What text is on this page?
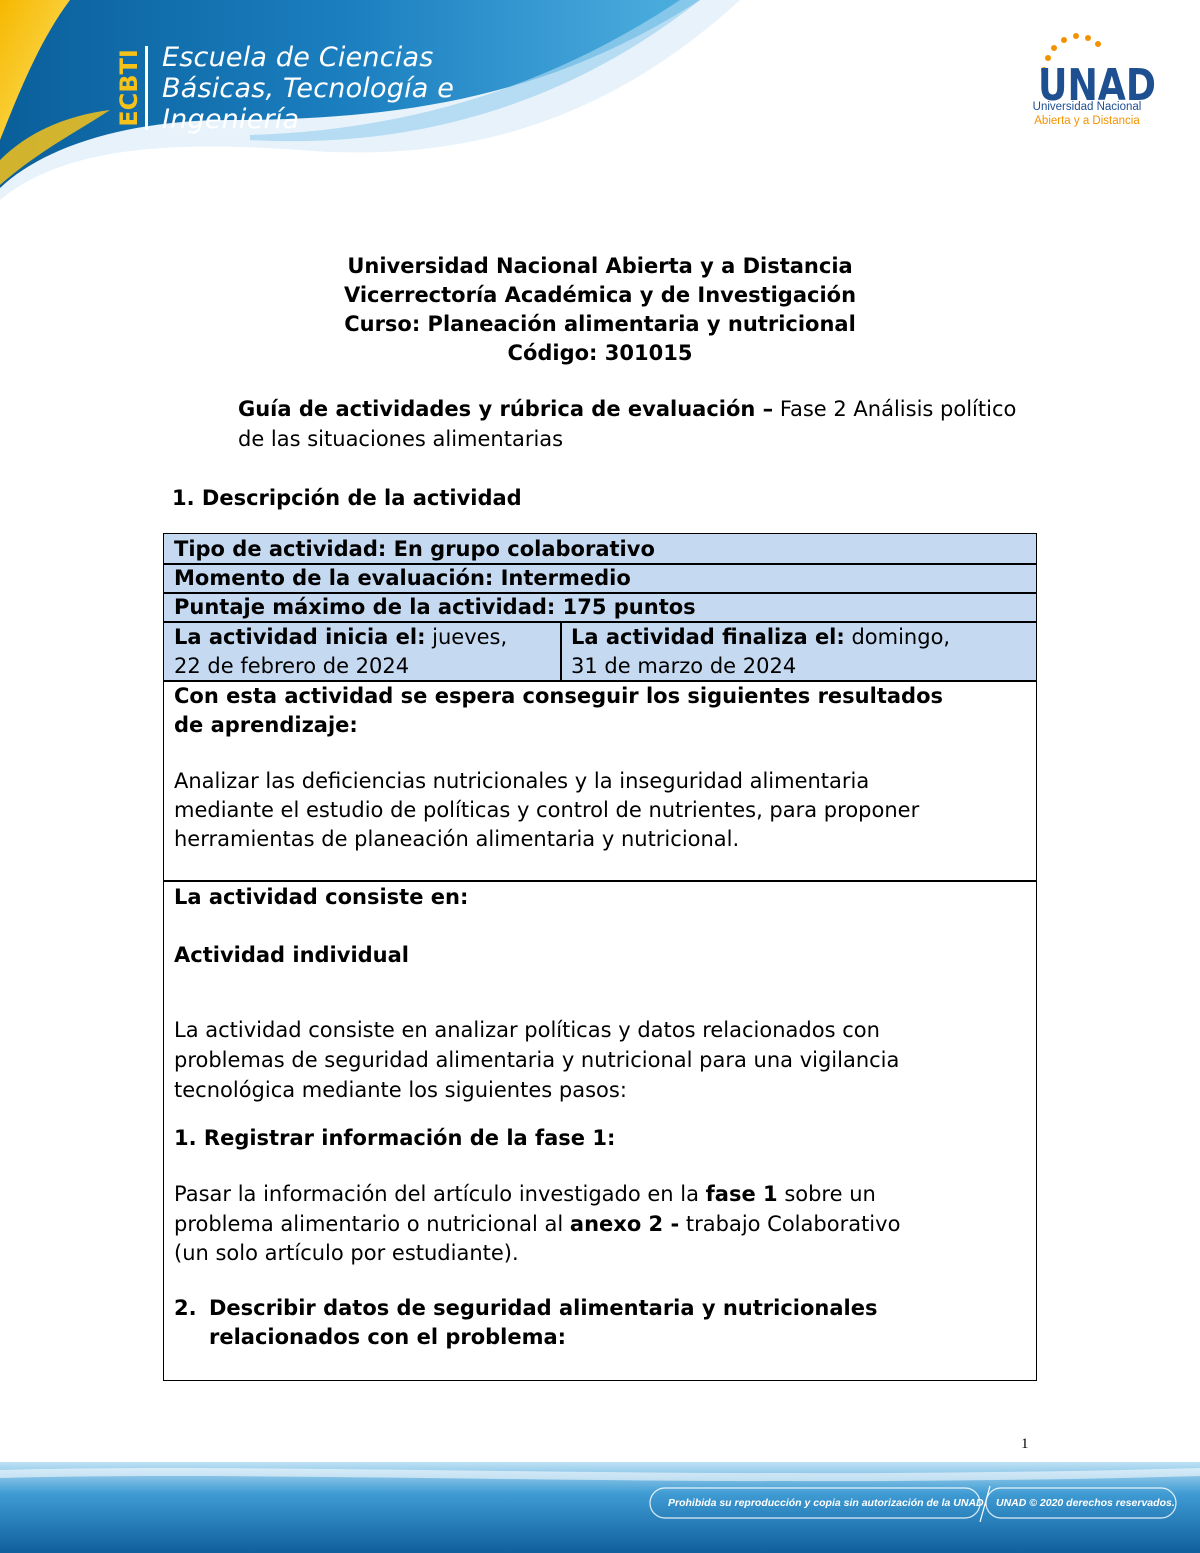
ECBTI Escuela de Ciencias
Básicas, Tecnología e
Ingeniería
UNAD
Universidad Nacional
Abierta y a Distancia
Universidad Nacional Abierta y a Distancia
Vicerrectoría Académica y de Investigación
Curso: Planeación alimentaria y nutricional
Código: 301015
Guía de actividades y rúbrica de evaluación – Fase 2 Análisis político de las situaciones alimentarias
1. Descripción de la actividad
Tipo de actividad: En grupo colaborativo
Momento de la evaluación: Intermedio
Puntaje máximo de la actividad: 175 puntos
La actividad inicia el: jueves,
22 de febrero de 2024
La actividad finaliza el: domingo,
31 de marzo de 2024
Con esta actividad se espera conseguir los siguientes resultados
de aprendizaje:
Analizar las deficiencias nutricionales y la inseguridad alimentaria
mediante el estudio de políticas y control de nutrientes, para proponer
herramientas de planeación alimentaria y nutricional.
La actividad consiste en:
Actividad individual
La actividad consiste en analizar políticas y datos relacionados con
problemas de seguridad alimentaria y nutricional para una vigilancia
tecnológica mediante los siguientes pasos:
1. Registrar información de la fase 1:
Pasar la información del artículo investigado en la fase 1 sobre un
problema alimentario o nutricional al anexo 2 - trabajo Colaborativo
(un solo artículo por estudiante).
2. Describir datos de seguridad alimentaria y nutricionales
relacionados con el problema:
1
Prohibida su reproducción y copia sin autorización de la UNAD. UNAD © 2020 derechos reservados.
